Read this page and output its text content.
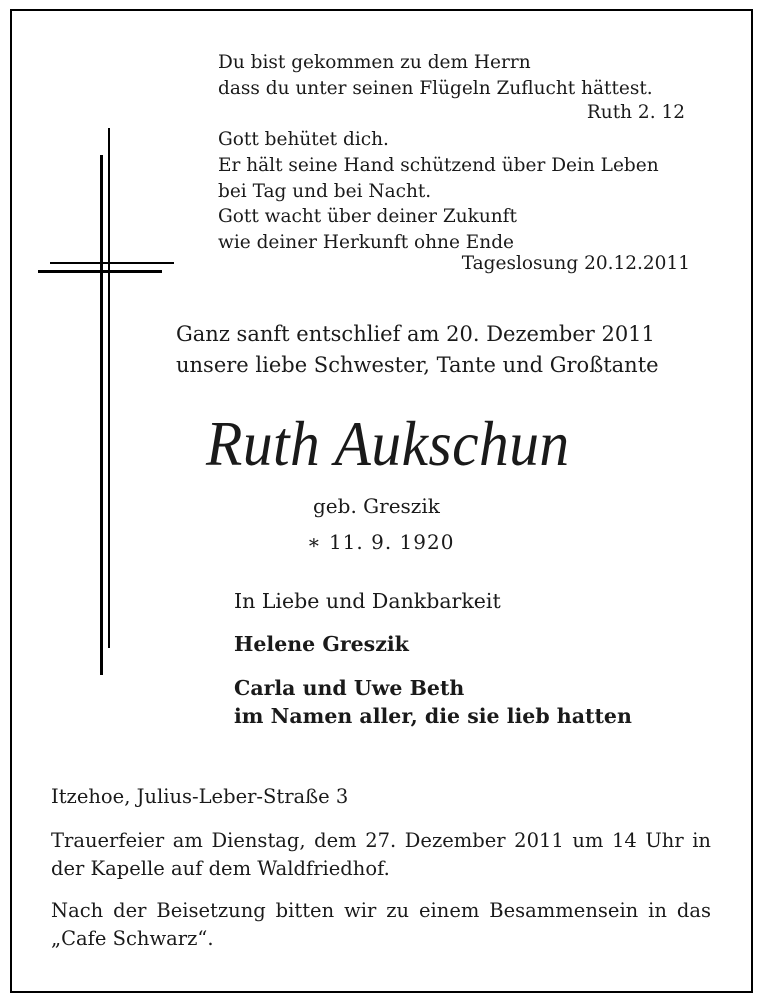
Du bist gekommen zu dem Herrn
dass du unter seinen Flügeln Zuflucht hättest.
Gott behütet dich.
Er hält seine Hand schützend über Dein Leben
bei Tag und bei Nacht.
Gott wacht über deiner Zukunft
wie deiner Herkunft ohne Ende
Ruth 2. 12
Tageslosung 20.12.2011
Ganz sanft entschlief am 20. Dezember 2011
unsere liebe Schwester, Tante und Großtante
Ruth Aukschun
geb. Greszik
∗ 11. 9. 1920
In Liebe und Dankbarkeit
Helene Greszik
Carla und Uwe Beth
im Namen aller, die sie lieb hatten
Itzehoe, Julius-Leber-Straße 3
Trauerfeier am Dienstag, dem 27. Dezember 2011 um 14 Uhr in der Kapelle auf dem Waldfriedhof.
Nach der Beisetzung bitten wir zu einem Besammensein in das „Cafe Schwarz“.
